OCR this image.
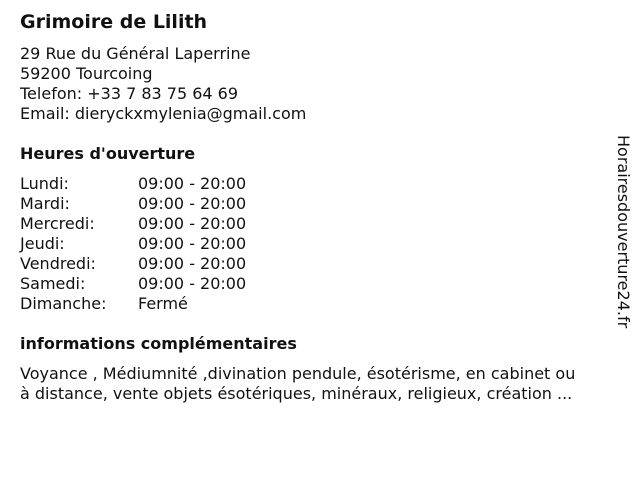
Grimoire de Lilith
29 Rue du Général Laperrine
59200 Tourcoing
Telefon: +33 7 83 75 64 69
Email: dieryckxmylenia@gmail.com
Heures d'ouverture
Lundi:	09:00 - 20:00
Mardi:	09:00 - 20:00
Mercredi:	09:00 - 20:00
Jeudi:	09:00 - 20:00
Vendredi:	09:00 - 20:00
Samedi:	09:00 - 20:00
Dimanche: Fermé
informations complémentaires
Voyance , Médiumnité ,divination pendule, ésotérisme, en cabinet ou
à distance, vente objets ésotériques, minéraux, religieux, création ...
Horairesdouverture24.fr
